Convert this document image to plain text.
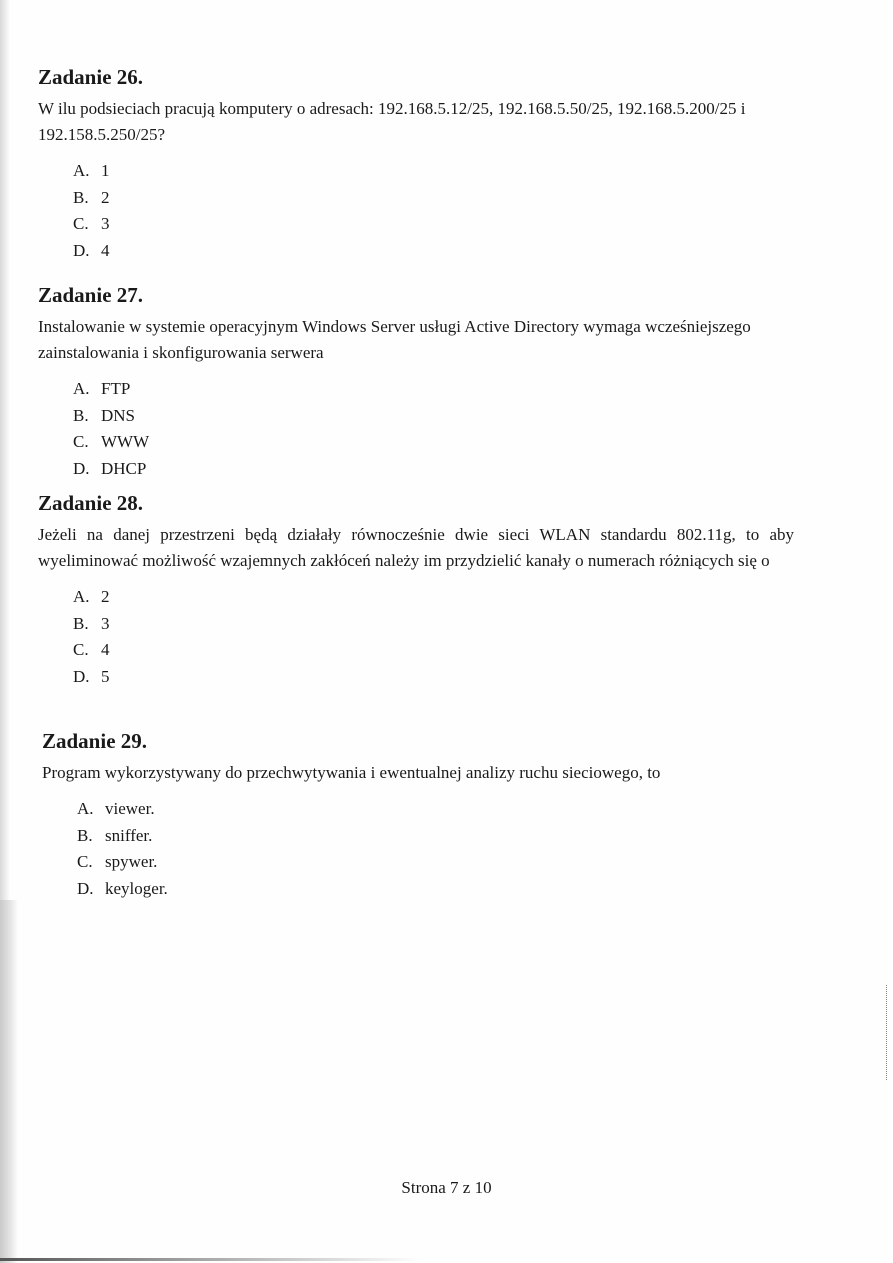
Zadanie 26.

W ilu podsieciach pracują komputery o adresach: 192.168.5.12/25, 192.168.5.50/25, 192.168.5.200/25 i 192.158.5.250/25?

A. 1
B. 2
C. 3
D. 4
Zadanie 27.

Instalowanie w systemie operacyjnym Windows Server usługi Active Directory wymaga wcześniejszego zainstalowania i skonfigurowania serwera

A. FTP
B. DNS
C. WWW
D. DHCP
Zadanie 28.

Jeżeli na danej przestrzeni będą działały równocześnie dwie sieci WLAN standardu 802.11g, to aby wyeliminować możliwość wzajemnych zakłóceń należy im przydzielić kanały o numerach różniących się o

A. 2
B. 3
C. 4
D. 5
Zadanie 29.

Program wykorzystywany do przechwytywania i ewentualnej analizy ruchu sieciowego, to

A. viewer.
B. sniffer.
C. spywer.
D. keyloger.
Strona 7 z 10
